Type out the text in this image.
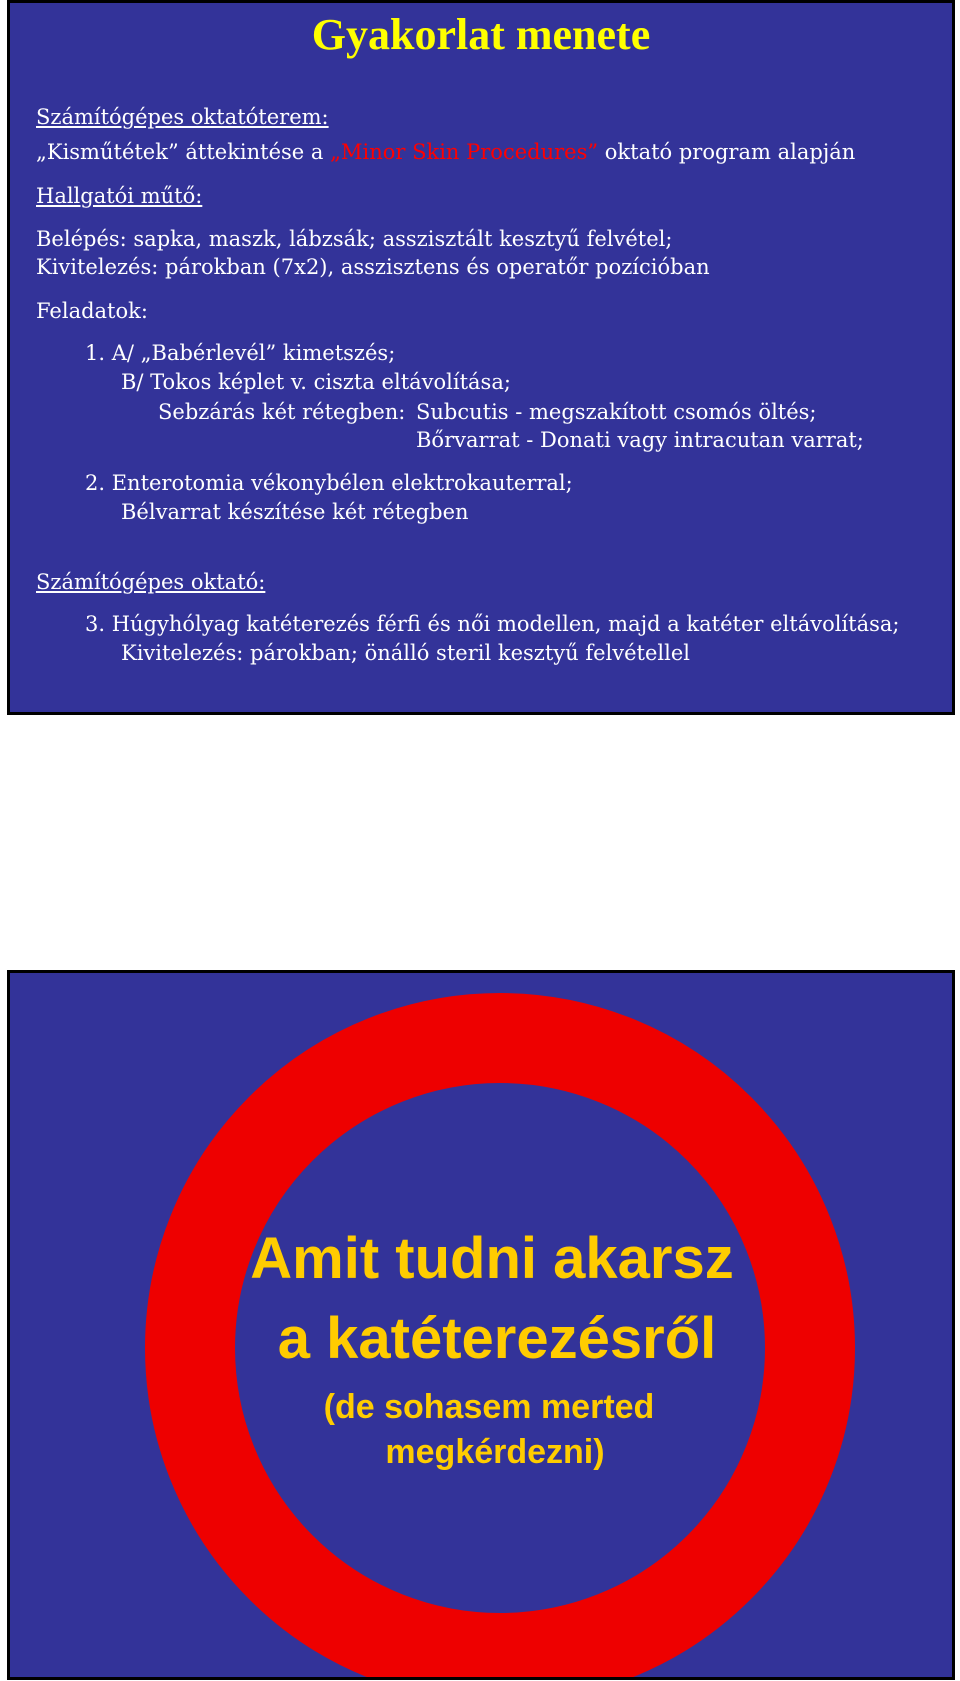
Gyakorlat menete
Számítógépes oktatóterem:
„Kisműtétek” áttekintése a „Minor Skin Procedures” oktató program alapján
Hallgatói műtő:
Belépés: sapka, maszk, lábzsák; asszisztált kesztyű felvétel;
Kivitelezés: párokban (7x2), asszisztens és operatőr pozícióban
Feladatok:
1. A/ „Babérlevél” kimetszés;
B/ Tokos képlet v. ciszta eltávolítása;
Sebzárás két rétegben: Subcutis - megszakított csomós öltés;
Bőrvarrat - Donati vagy intracutan varrat;
2. Enterotomia vékonybélen elektrokauterral;
Bélvarrat készítése két rétegben
Számítógépes oktató:
3. Húgyhólyag katéterezés férfi és női modellen, majd a katéter eltávolítása;
Kivitelezés: párokban; önálló steril kesztyű felvétellel
Amit tudni akarsz
a katéterezésről
(de sohasem merted
megkérdezni)
